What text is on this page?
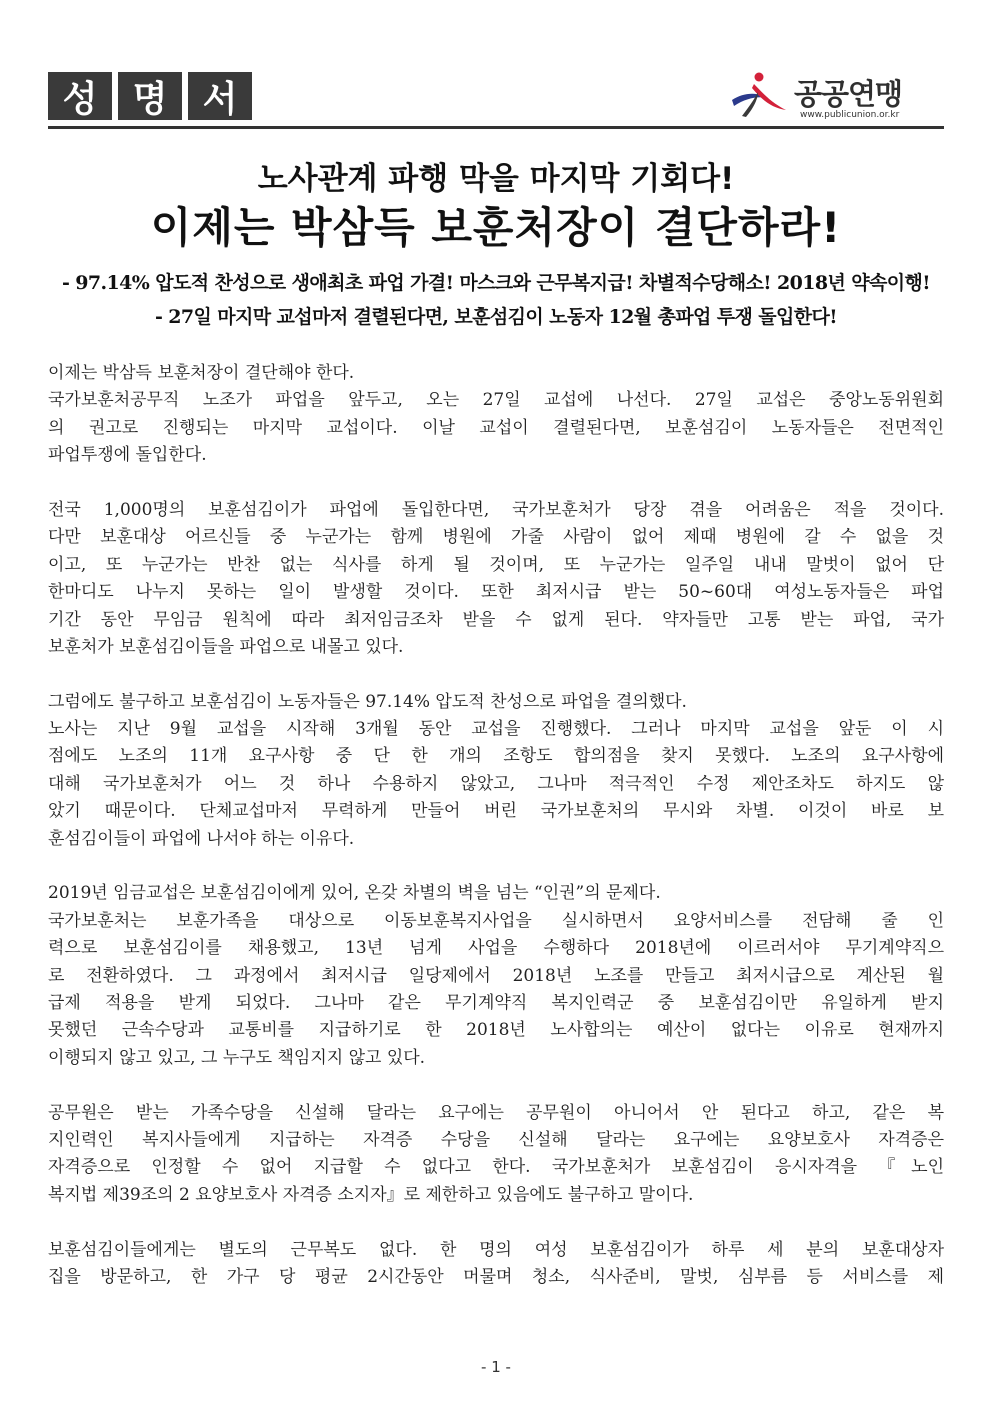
성 명 서	공공연맹
www.publicunion.or.kr
노사관계 파행 막을 마지막 기회다!
이제는 박삼득 보훈처장이 결단하라!
- 97.14% 압도적 찬성으로 생애최초 파업 가결! 마스크와 근무복지급! 차별적수당해소! 2018년 약속이행!
- 27일 마지막 교섭마저 결렬된다면, 보훈섬김이 노동자 12월 총파업 투쟁 돌입한다!
이제는 박삼득 보훈처장이 결단해야 한다.
국가보훈처공무직 노조가 파업을 앞두고, 오는 27일 교섭에 나선다. 27일 교섭은 중앙노동위원회
의 권고로 진행되는 마지막 교섭이다. 이날 교섭이 결렬된다면, 보훈섬김이 노동자들은 전면적인
파업투쟁에 돌입한다.
전국 1,000명의 보훈섬김이가 파업에 돌입한다면, 국가보훈처가 당장 겪을 어려움은 적을 것이다.
다만 보훈대상 어르신들 중 누군가는 함께 병원에 가줄 사람이 없어 제때 병원에 갈 수 없을 것
이고, 또 누군가는 반찬 없는 식사를 하게 될 것이며, 또 누군가는 일주일 내내 말벗이 없어 단
한마디도 나누지 못하는 일이 발생할 것이다. 또한 최저시급 받는 50~60대 여성노동자들은 파업
기간 동안 무임금 원칙에 따라 최저임금조차 받을 수 없게 된다. 약자들만 고통 받는 파업, 국가
보훈처가 보훈섬김이들을 파업으로 내몰고 있다.
그럼에도 불구하고 보훈섬김이 노동자들은 97.14% 압도적 찬성으로 파업을 결의했다.
노사는 지난 9월 교섭을 시작해 3개월 동안 교섭을 진행했다. 그러나 마지막 교섭을 앞둔 이 시
점에도 노조의 11개 요구사항 중 단 한 개의 조항도 합의점을 찾지 못했다. 노조의 요구사항에
대해 국가보훈처가 어느 것 하나 수용하지 않았고, 그나마 적극적인 수정 제안조차도 하지도 않
았기 때문이다. 단체교섭마저 무력하게 만들어 버린 국가보훈처의 무시와 차별. 이것이 바로 보
훈섬김이들이 파업에 나서야 하는 이유다.
2019년 임금교섭은 보훈섬김이에게 있어, 온갖 차별의 벽을 넘는 “인권”의 문제다.
국가보훈처는 보훈가족을 대상으로 이동보훈복지사업을 실시하면서 요양서비스를 전담해 줄 인
력으로 보훈섬김이를 채용했고, 13년 넘게 사업을 수행하다 2018년에 이르러서야 무기계약직으
로 전환하였다. 그 과정에서 최저시급 일당제에서 2018년 노조를 만들고 최저시급으로 계산된 월
급제 적용을 받게 되었다. 그나마 같은 무기계약직 복지인력군 중 보훈섬김이만 유일하게 받지
못했던 근속수당과 교통비를 지급하기로 한 2018년 노사합의는 예산이 없다는 이유로 현재까지
이행되지 않고 있고, 그 누구도 책임지지 않고 있다.
공무원은 받는 가족수당을 신설해 달라는 요구에는 공무원이 아니어서 안 된다고 하고, 같은 복
지인력인 복지사들에게 지급하는 자격증 수당을 신설해 달라는 요구에는 요양보호사 자격증은
자격증으로 인정할 수 없어 지급할 수 없다고 한다. 국가보훈처가 보훈섬김이 응시자격을 『노인
복지법 제39조의 2 요양보호사 자격증 소지자』로 제한하고 있음에도 불구하고 말이다.
보훈섬김이들에게는 별도의 근무복도 없다. 한 명의 여성 보훈섬김이가 하루 세 분의 보훈대상자
집을 방문하고, 한 가구 당 평균 2시간동안 머물며 청소, 식사준비, 말벗, 심부름 등 서비스를 제
- 1 -
